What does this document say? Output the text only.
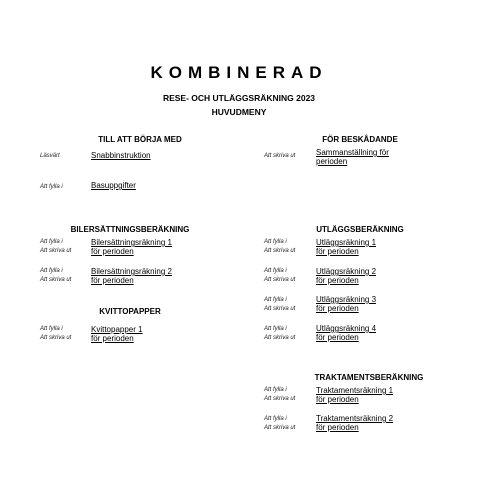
KOMBINERAD
RESE- OCH UTLÄGGSRÄKNING 2023
HUVUDMENY
TILL ATT BÖRJA MED
Läsvärt	Snabbinstruktion
Att fylla i	Basuppgifter
BILERSÄTTNINGSBERÄKNING
Att fylla i
Att skriva ut
Bilersättningsräkning 1
för perioden
Att fylla i
Att skriva ut
Bilersättningsräkning 2
för perioden
KVITTOPAPPER
Att fylla i
Att skriva ut
Kvittopapper 1
för perioden
FÖR BESKÅDANDE
Att skriva ut	Sammanställning för
perioden
UTLÄGGSBERÄKNING
Att fylla i
Att skriva ut
Utläggsräkning 1
för perioden
Att fylla i
Att skriva ut
Utläggsräkning 2
för perioden
Att fylla i
Att skriva ut
Utläggsräkning 3
för perioden
Att fylla i
Att skriva ut
Utläggsräkning 4
för perioden
TRAKTAMENTSBERÄKNING
Att fylla i
Att skriva ut
Traktamentsräkning 1
för perioden
Att fylla i
Att skriva ut
Traktamentsräkning 2
för perioden
